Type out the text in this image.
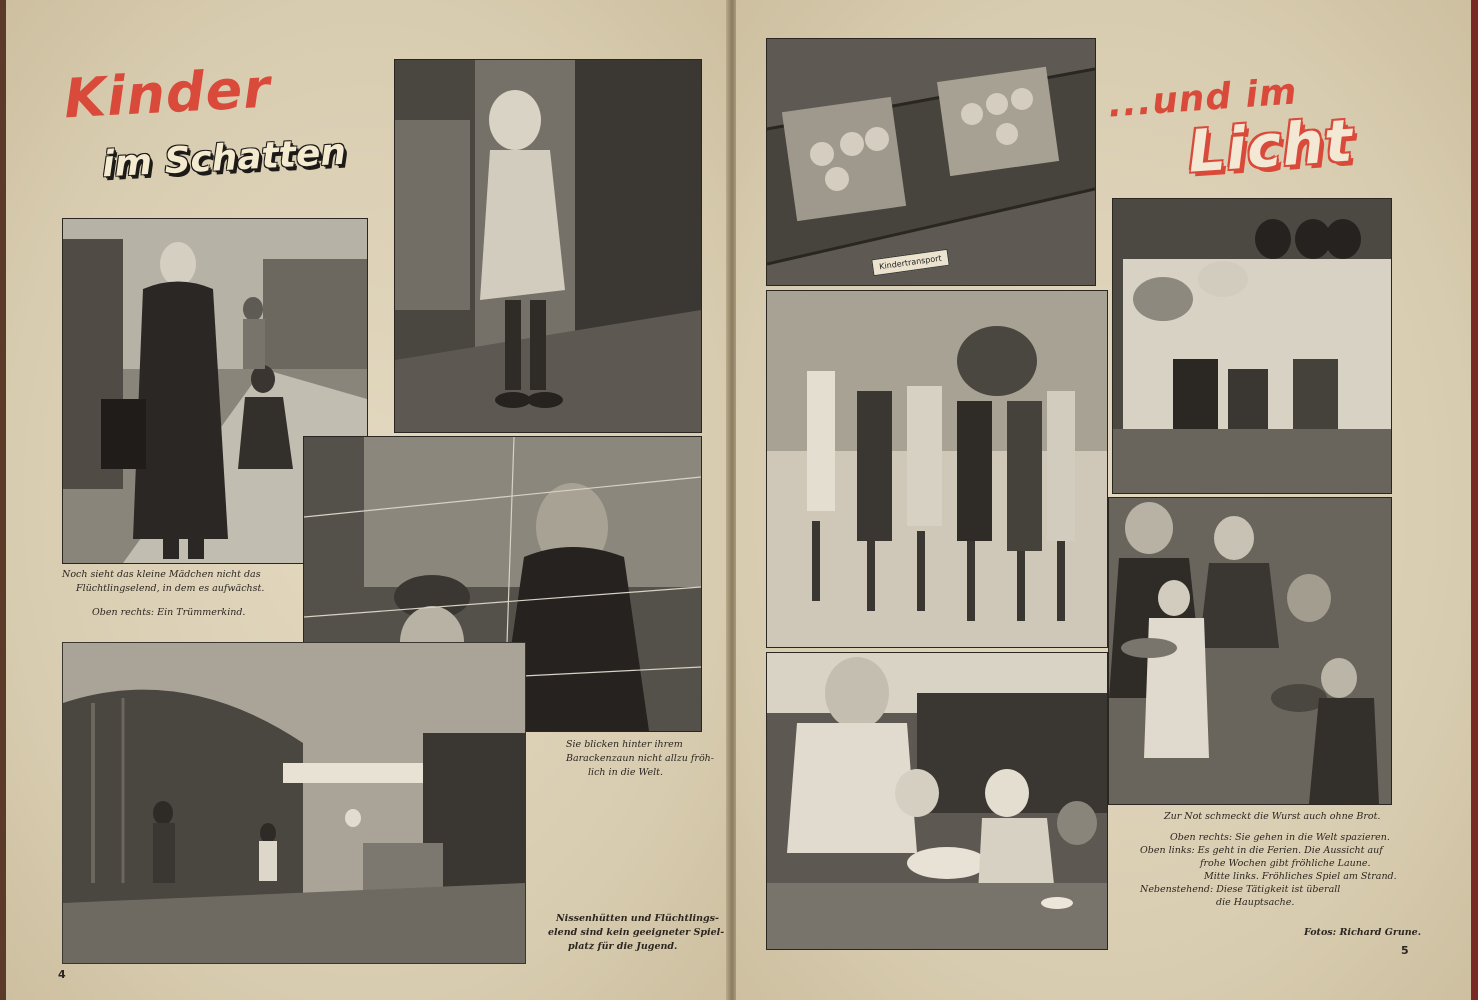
Kinder
im Schatten
Noch sieht das kleine Mädchen nicht das
Flüchtlingselend, in dem es aufwächst.
Oben rechts: Ein Trümmerkind.
Sie blicken hinter ihrem
Barackenzaun nicht allzu fröh-
lich in die Welt.
Nissenhütten und Flüchtlings-
elend sind kein geeigneter Spiel-
platz für die Jugend.
4
Kindertransport
...und im
Licht
Zur Not schmeckt die Wurst auch ohne Brot.
Oben rechts: Sie gehen in die Welt spazieren.
Oben links: Es geht in die Ferien. Die Aussicht auf
frohe Wochen gibt fröhliche Laune.
Mitte links. Fröhliches Spiel am Strand.
Nebenstehend: Diese Tätigkeit ist überall
die Hauptsache.
Fotos: Richard Grune.
5
